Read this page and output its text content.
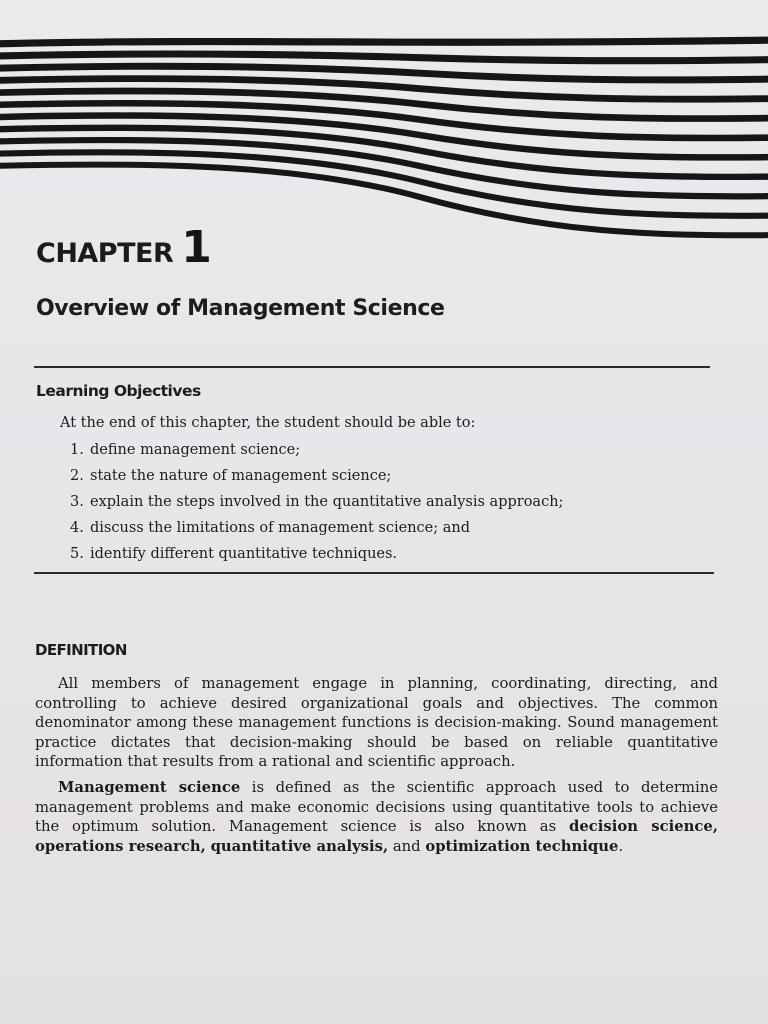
CHAPTER 1
Overview of Management Science
Learning Objectives
At the end of this chapter, the student should be able to:
1. define management science;
2. state the nature of management science;
3. explain the steps involved in the quantitative analysis approach;
4. discuss the limitations of management science; and
5. identify different quantitative techniques.
DEFINITION

All members of management engage in planning, coordinating, directing, and controlling to achieve desired organizational goals and objectives. The common denominator among these management functions is decision-making. Sound management practice dictates that decision-making should be based on reliable quantitative information that results from a rational and scientific approach.

Management science is defined as the scientific approach used to determine management problems and make economic decisions using quantitative tools to achieve the optimum solution. Management science is also known as decision science, operations research, quantitative analysis, and optimization technique.
